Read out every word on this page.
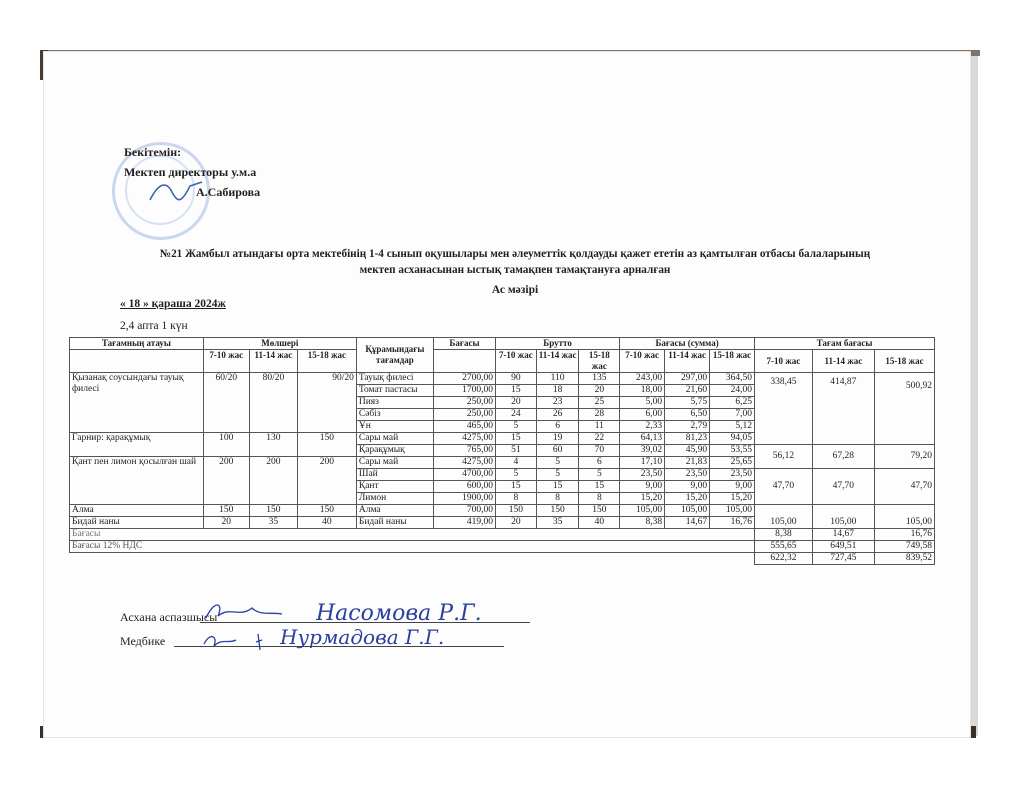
Бекітемін:
Мектеп директоры у.м.а
А.Сабирова
№21 Жамбыл атындағы орта мектебінің 1-4 сынып оқушылары мен әлеуметтік қолдауды қажет ететін аз қамтылған отбасы балаларының
мектеп асханасынан ыстық тамақпен тамақтануға арналған
Ас мәзірі
« 18 » қараша 2024ж
2,4 апта 1 күн
Тағамның атауы	Мөлшері			Құрамындағы тағамдар	Бағасы	Брутто			Бағасы (сумма)			Тағам бағасы		
	7-10 жас	11-14 жас	15-18 жас			7-10 жас	11-14 жас	15-18 жас	7-10 жас	11-14 жас	15-18 жас	7-10 жас	11-14 жас	15-18 жас

Қызанақ соусындағы тауық филесі	60/20	80/20	90/20	Тауық филесі	2700,00	90	110	135	243,00	297,00	364,50	338,45	414,87	500,92
				Томат пастасы	1700,00	15	18	20	18,00	21,60	24,00			
				Пияз	250,00	20	23	25	5,00	5,75	6,25			
				Сәбіз	250,00	24	26	28	6,00	6,50	7,00			
				Ұн	465,00	5	6	11	2,33	2,79	5,12			
Гарнир: қарақұмық	100	130	150	Сары май	4275,00	15	19	22	64,13	81,23	94,05			
				Қарақұмық	765,00	51	60	70	39,02	45,90	53,55	56,12	67,28	79,20
Қант пен лимон қосылған шай	200	200	200	Сары май	4275,00	4	5	6	17,10	21,83	25,65			
				Шай	4700,00	5	5	5	23,50	23,50	23,50	47,70	47,70	47,70
				Қант	600,00	15	15	15	9,00	9,00	9,00			
				Лимон	1900,00	8	8	8	15,20	15,20	15,20			
Алма	150	150	150	Алма	700,00	150	150	150	105,00	105,00	105,00	105,00	105,00	105,00
Бидай наны	20	35	40	Бидай наны	419,00	20	35	40	8,38	14,67	16,76			
Бағасы												8,38	14,67	16,76
Бағасы 12% НДС												555,65	649,51	749,58
												622,32	727,45	839,52
Асхана аспазшысы
Медбике
Насомова Р.Г.
Нурмадова Г.Г.
